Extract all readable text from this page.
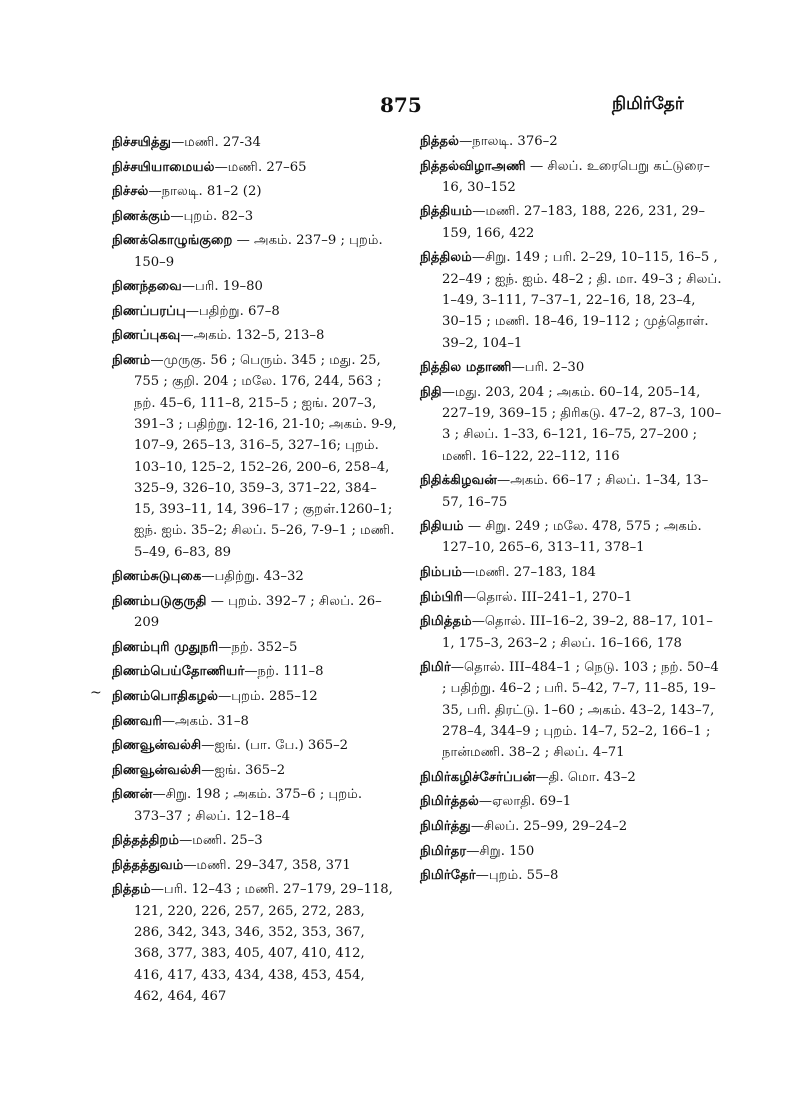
875	நிமிர்தேர்
நிச்சயித்து—மணி. 27-34
நிச்சயியாமையல்—மணி. 27–65
நிச்சல்—நாலடி. 81–2 (2)
நிணக்கும்—புறம். 82–3
நிணக்கொழுங்குறை — அகம். 237–9 ; புறம். 150–9
நிணந்தவை—பரி. 19–80
நிணப்பரப்பு—பதிற்று. 67–8
நிணப்புகவு—அகம். 132–5, 213–8
நிணம்—முருகு. 56 ; பெரும். 345 ; மது. 25, 755 ; குறி. 204 ; மலே. 176, 244, 563 ; நற். 45–6, 111–8, 215–5 ; ஐங். 207–3, 391–3 ; பதிற்று. 12-16, 21-10; அகம். 9-9, 107–9, 265–13, 316–5, 327–16; புறம். 103–10, 125–2, 152–26, 200–6, 258–4, 325–9, 326–10, 359–3, 371–22, 384–15, 393–11, 14, 396–17 ; குறள்.1260–1; ஐந். ஐம். 35–2; சிலப். 5–26, 7-9–1 ; மணி. 5–49, 6–83, 89
நிணம்சுடுபுகை—பதிற்று. 43–32
நிணம்படுகுருதி — புறம். 392–7 ; சிலப். 26–209
நிணம்புரி முதுநரி—நற். 352–5
நிணம்பெய்தோணியர்—நற். 111–8
நிணம்பொதிகழல்—புறம். 285–12
நிணவரி—அகம். 31–8
நிணவூன்வல்சி—ஐங். (பா. பே.) 365–2
நிணவூன்வல்சி—ஐங். 365–2
நிணன்—சிறு. 198 ; அகம். 375–6 ; புறம். 373–37 ; சிலப். 12–18–4
நித்தத்திறம்—மணி. 25–3
நித்தத்துவம்—மணி. 29–347, 358, 371
நித்தம்—பரி. 12–43 ; மணி. 27–179, 29–118, 121, 220, 226, 257, 265, 272, 283, 286, 342, 343, 346, 352, 353, 367, 368, 377, 383, 405, 407, 410, 412, 416, 417, 433, 434, 438, 453, 454, 462, 464, 467
நித்தல்—நாலடி. 376–2
நித்தல்விழாஅணி — சிலப். உரைபெறு கட்டுரை–16, 30–152
நித்தியம்—மணி. 27–183, 188, 226, 231, 29–159, 166, 422
நித்திலம்—சிறு. 149 ; பரி. 2–29, 10–115, 16–5 , 22–49 ; ஐந். ஐம். 48–2 ; தி. மா. 49–3 ; சிலப். 1–49, 3–111, 7–37–1, 22–16, 18, 23–4, 30–15 ; மணி. 18–46, 19–112 ; முத்தொள். 39–2, 104–1
நித்தில மதாணி—பரி. 2–30
நிதி—மது. 203, 204 ; அகம். 60–14, 205–14, 227–19, 369–15 ; திரிகடு. 47–2, 87–3, 100–3 ; சிலப். 1–33, 6–121, 16–75, 27–200 ; மணி. 16–122, 22–112, 116
நிதிக்கிழவன்—அகம். 66–17 ; சிலப். 1–34, 13–57, 16–75
நிதியம் — சிறு. 249 ; மலே. 478, 575 ; அகம். 127–10, 265–6, 313–11, 378–1
நிம்பம்—மணி. 27–183, 184
நிம்பிரி—தொல். III–241–1, 270–1
நிமித்தம்—தொல். III–16–2, 39–2, 88–17, 101–1, 175–3, 263–2 ; சிலப். 16–166, 178
நிமிர்—தொல். III–484–1 ; நெடு. 103 ; நற். 50–4 ; பதிற்று. 46–2 ; பரி. 5–42, 7–7, 11–85, 19–35, பரி. திரட்டு. 1–60 ; அகம். 43–2, 143–7, 278–4, 344–9 ; புறம். 14–7, 52–2, 166–1 ; நான்மணி. 38–2 ; சிலப். 4–71
நிமிர்கழிச்சேர்ப்பன்—தி. மொ. 43–2
நிமிர்த்தல்—ஏலாதி. 69–1
நிமிர்த்து—சிலப். 25–99, 29–24–2
நிமிர்தர—சிறு. 150
நிமிர்தேர்—புறம். 55–8
~
